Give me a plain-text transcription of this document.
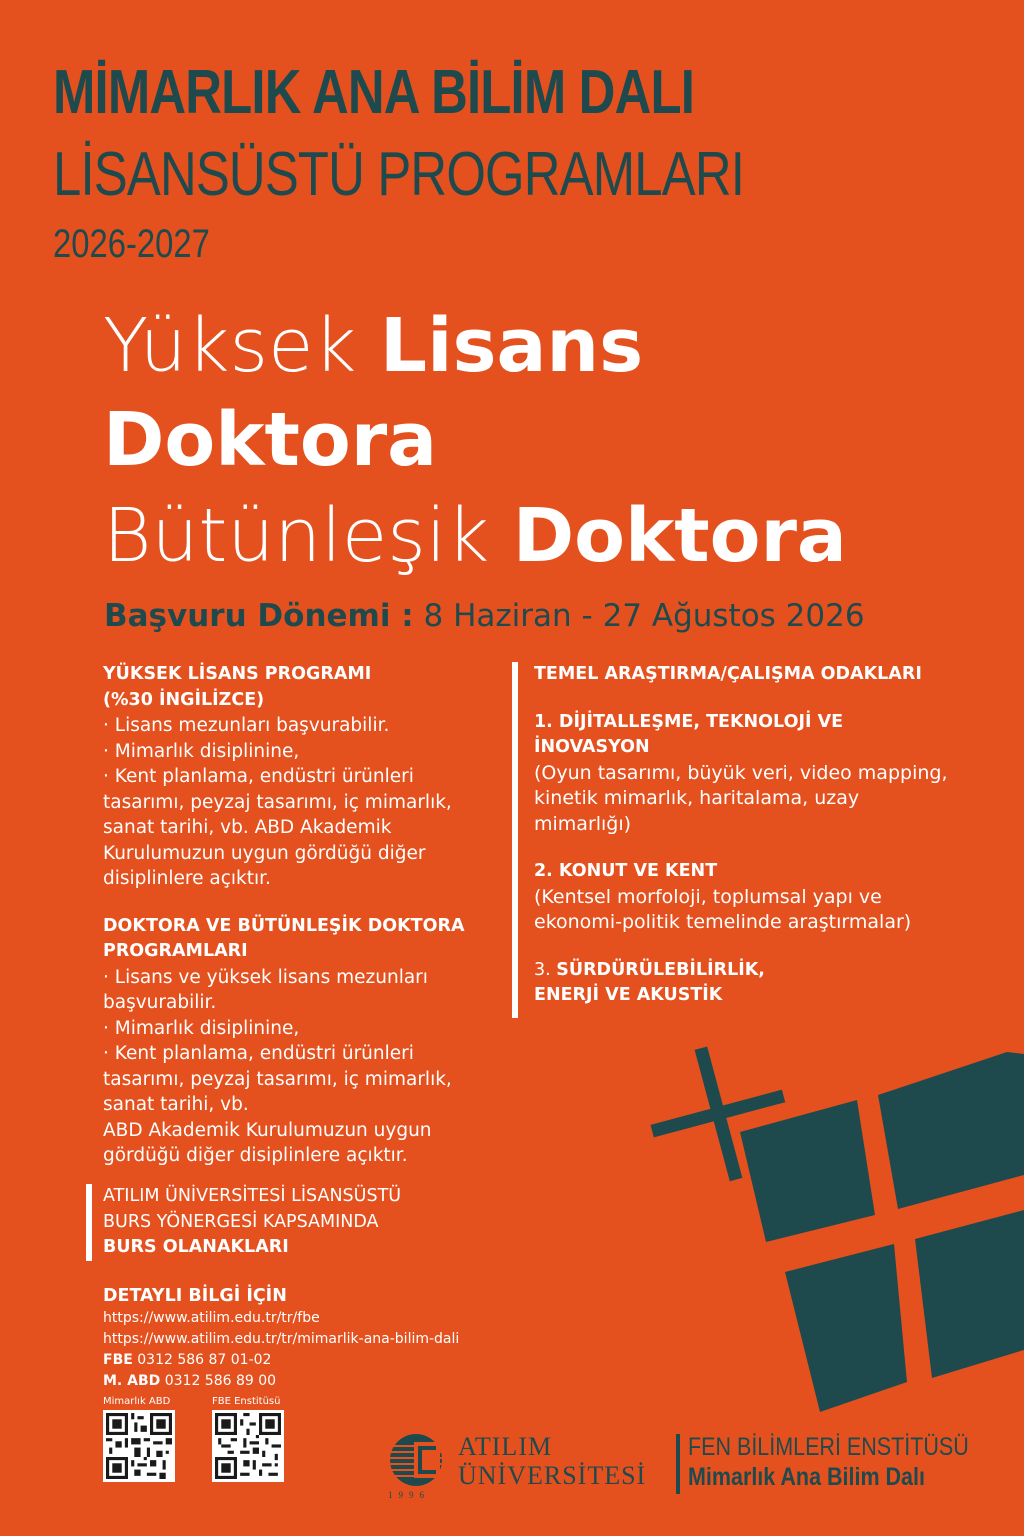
MİMARLIK ANA BİLİM DALI
LİSANSÜSTÜ PROGRAMLARI
2026-2027
Yüksek Lisans
Doktora
Bütünleşik Doktora
Başvuru Dönemi : 8 Haziran - 27 Ağustos 2026

YÜKSEK LİSANS PROGRAMI

(%30 İNGİLİZCE)

· Lisans mezunları başvurabilir.

· Mimarlık disiplinine,

· Kent planlama, endüstri ürünleri tasarımı, peyzaj tasarımı, iç mimarlık, sanat tarihi, vb. ABD Akademik Kurulumuzun uygun gördüğü diğer disiplinlere açıktır.

DOKTORA VE BÜTÜNLEŞİK DOKTORA

PROGRAMLARI

· Lisans ve yüksek lisans mezunları başvurabilir.

· Mimarlık disiplinine,

· Kent planlama, endüstri ürünleri tasarımı, peyzaj tasarımı, iç mimarlık, sanat tarihi, vb.

ABD Akademik Kurulumuzun uygun gördüğü diğer disiplinlere açıktır.

TEMEL ARAŞTIRMA/ÇALIŞMA ODAKLARI

1. DİJİTALLEŞME, TEKNOLOJİ VE

İNOVASYON

(Oyun tasarımı, büyük veri, video mapping, kinetik mimarlık, haritalama, uzay mimarlığı)

2. KONUT VE KENT

(Kentsel morfoloji, toplumsal yapı ve ekonomi-politik temelinde araştırmalar)

3. SÜRDÜRÜLEBİLİRLİK,

ENERJİ VE AKUSTİK

ATILIM ÜNİVERSİTESİ LİSANSÜSTÜ

BURS YÖNERGESİ KAPSAMINDA

BURS OLANAKLARI

DETAYLI BİLGİ İÇİN
https://www.atilim.edu.tr/tr/fbe
https://www.atilim.edu.tr/tr/mimarlik-ana-bilim-dali
FBE 0312 586 87 01-02
M. ABD 0312 586 89 00
Mimarlık ABD	FBE Enstitüsü
ATILIM
ÜNİVERSİTESİ
1996
FEN BİLİMLERİ ENSTİTÜSÜ
Mimarlık Ana Bilim Dalı
